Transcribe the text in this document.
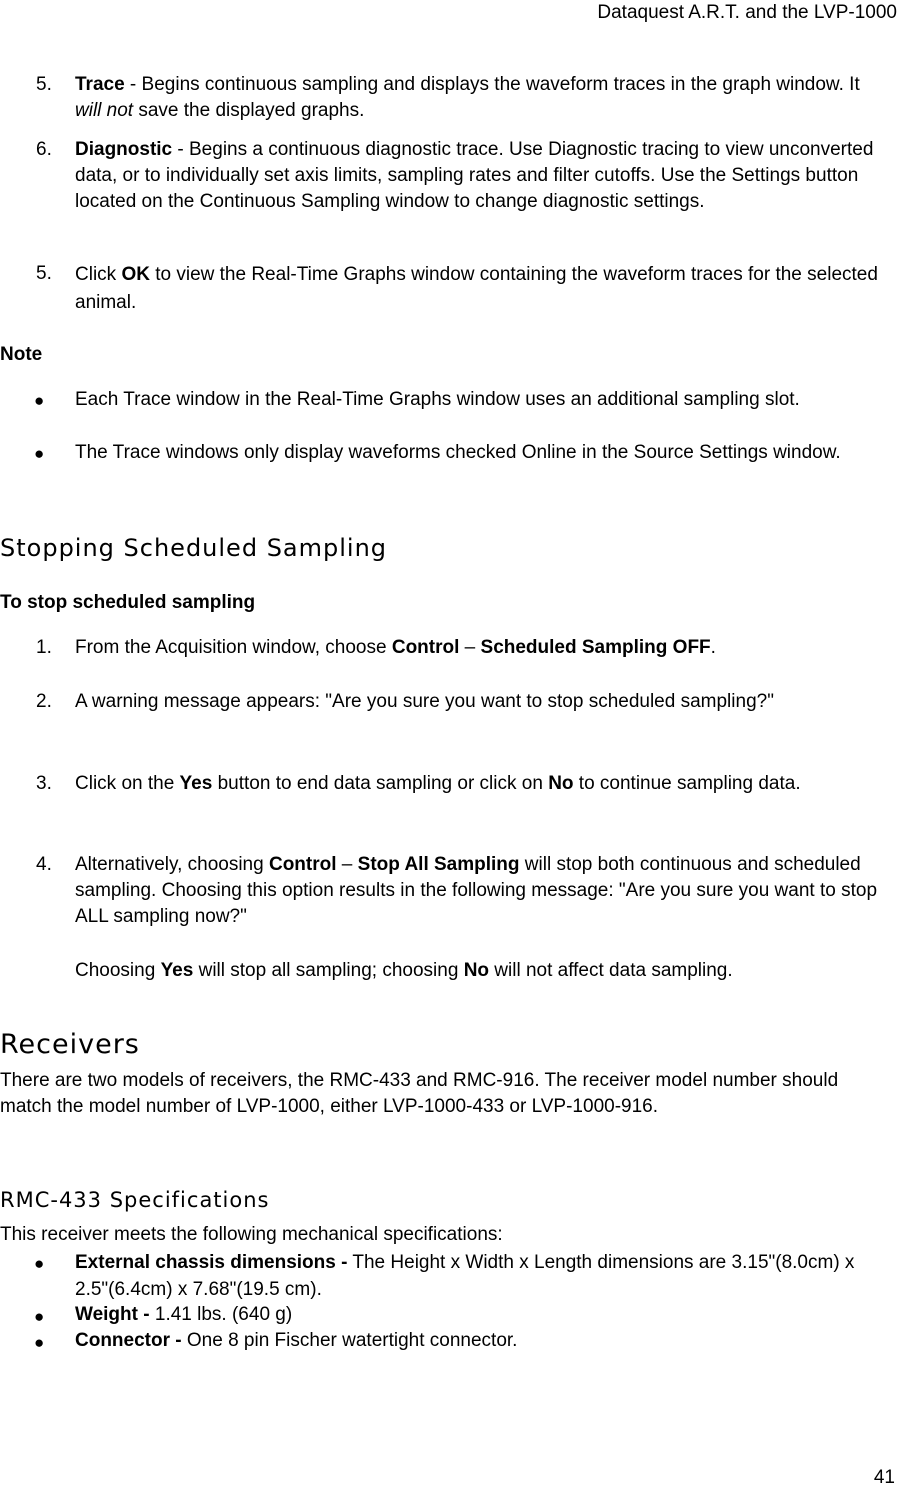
Dataquest A.R.T. and the LVP-1000
5. Trace - Begins continuous sampling and displays the waveform traces in the graph window. It will not save the displayed graphs.
6. Diagnostic - Begins a continuous diagnostic trace. Use Diagnostic tracing to view unconverted data, or to individually set axis limits, sampling rates and filter cutoffs. Use the Settings button located on the Continuous Sampling window to change diagnostic settings.
5. Click OK to view the Real-Time Graphs window containing the waveform traces for the selected animal.
Note
● Each Trace window in the Real-Time Graphs window uses an additional sampling slot.
● The Trace windows only display waveforms checked Online in the Source Settings window.
Stopping Scheduled Sampling
To stop scheduled sampling
1. From the Acquisition window, choose Control – Scheduled Sampling OFF.
2. A warning message appears: "Are you sure you want to stop scheduled sampling?"
3. Click on the Yes button to end data sampling or click on No to continue sampling data.
4. Alternatively, choosing Control – Stop All Sampling will stop both continuous and scheduled sampling. Choosing this option results in the following message: "Are you sure you want to stop ALL sampling now?"
Choosing Yes will stop all sampling; choosing No will not affect data sampling.
Receivers
There are two models of receivers, the RMC-433 and RMC-916. The receiver model number should match the model number of LVP-1000, either LVP-1000-433 or LVP-1000-916.
RMC-433 Specifications
This receiver meets the following mechanical specifications:
● External chassis dimensions - The Height x Width x Length dimensions are 3.15"(8.0cm) x 2.5"(6.4cm) x 7.68"(19.5 cm).
● Weight - 1.41 lbs. (640 g)
● Connector - One 8 pin Fischer watertight connector.
41
